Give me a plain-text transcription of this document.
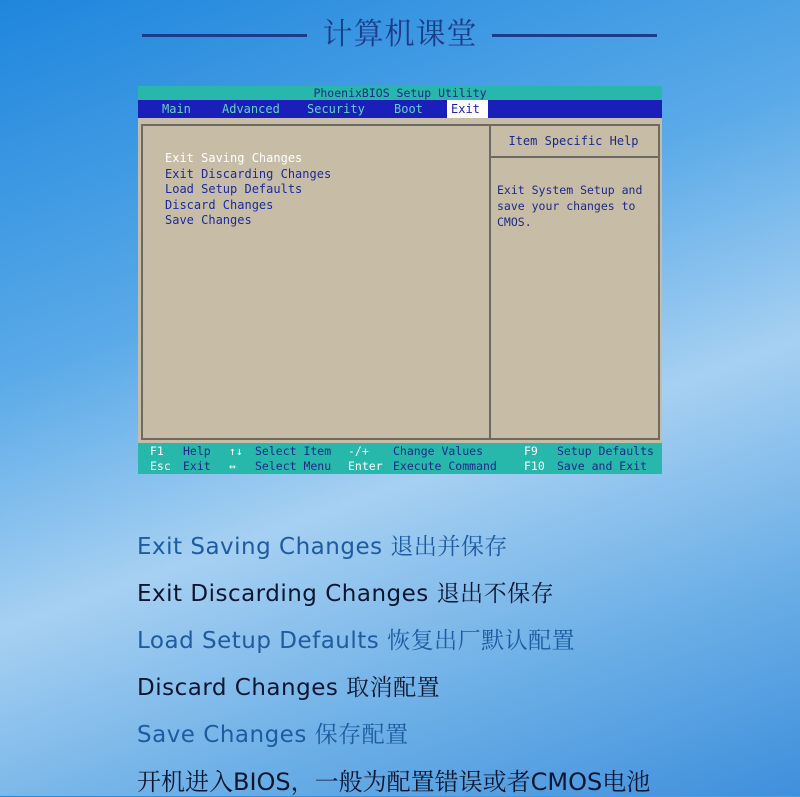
计算机课堂
PhoenixBIOS Setup Utility
Main	Advanced Security Boot	Exit
Exit Saving Changes
Exit Discarding Changes
Load Setup Defaults
Discard Changes
Save Changes
Item Specific Help
Exit System Setup and
save your changes to
CMOS.
F1 Help ↑↓ Select Item -/+ Change Values	F9 Setup Defaults
Esc Exit ↔ Select Menu Enter Execute Command F10 Save and Exit
Exit Saving Changes 退出并保存
Exit Discarding Changes 退出不保存
Load Setup Defaults 恢复出厂默认配置
Discard Changes 取消配置
Save Changes 保存配置
开机进入BIOS，一般为配置错误或者CMOS电池
